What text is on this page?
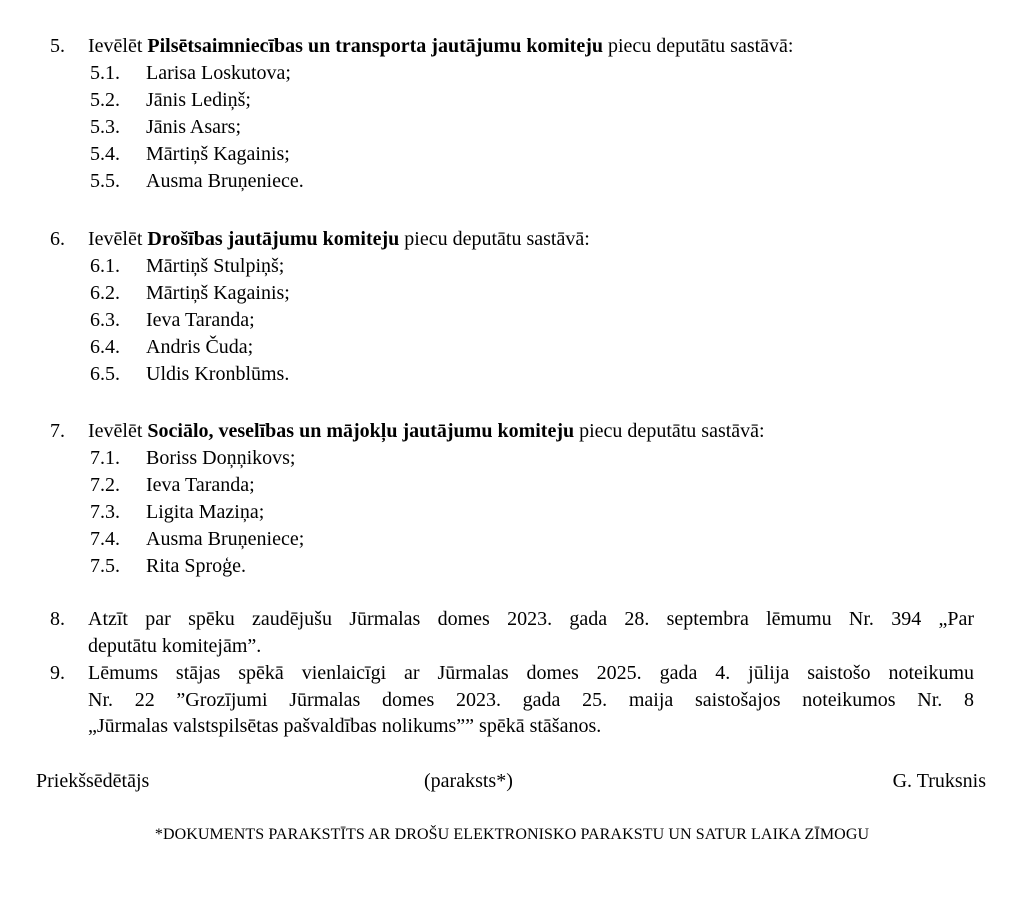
5.	Ievēlēt Pilsētsaimniecības un transporta jautājumu komiteju piecu deputātu sastāvā:
5.1. Larisa Loskutova;
5.2. Jānis Lediņš;
5.3. Jānis Asars;
5.4. Mārtiņš Kagainis;
5.5. Ausma Bruņeniece.
6.	Ievēlēt Drošības jautājumu komiteju piecu deputātu sastāvā:
6.1. Mārtiņš Stulpiņš;
6.2. Mārtiņš Kagainis;
6.3. Ieva Taranda;
6.4. Andris Čuda;
6.5. Uldis Kronblūms.
7.	Ievēlēt Sociālo, veselības un mājokļu jautājumu komiteju piecu deputātu sastāvā:
7.1. Boriss Doņņikovs;
7.2. Ieva Taranda;
7.3. Ligita Maziņa;
7.4. Ausma Bruņeniece;
7.5. Rita Sproģe.
8.	Atzīt par spēku zaudējušu Jūrmalas domes 2023. gada 28. septembra lēmumu Nr. 394 „Par
deputātu komitejām”.
9.	Lēmums stājas spēkā vienlaicīgi ar Jūrmalas domes 2025. gada 4. jūlija saistošo noteikumu
Nr. 22 ”Grozījumi Jūrmalas domes 2023. gada 25. maija saistošajos noteikumos Nr. 8
„Jūrmalas valstspilsētas pašvaldības nolikums”” spēkā stāšanos.
Priekšsēdētājs	(paraksts*)	G. Truksnis
*DOKUMENTS PARAKSTĪTS AR DROŠU ELEKTRONISKO PARAKSTU UN SATUR LAIKA ZĪMOGU
